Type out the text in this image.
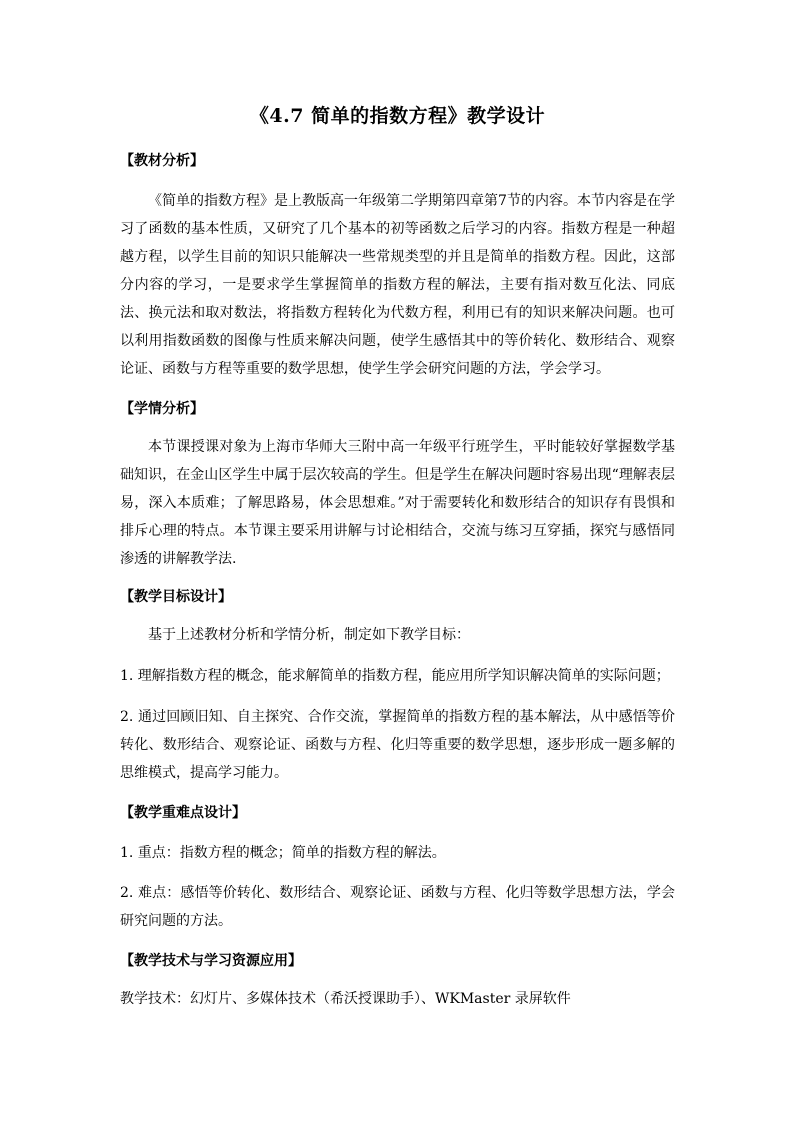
《4.7 简单的指数方程》教学设计
【教材分析】
《简单的指数方程》是上教版高一年级第二学期第四章第7节的内容。本节内容是在学习了函数的基本性质，又研究了几个基本的初等函数之后学习的内容。指数方程是一种超越方程，以学生目前的知识只能解决一些常规类型的并且是简单的指数方程。因此，这部分内容的学习，一是要求学生掌握简单的指数方程的解法，主要有指对数互化法、同底法、换元法和取对数法，将指数方程转化为代数方程，利用已有的知识来解决问题。也可以利用指数函数的图像与性质来解决问题，使学生感悟其中的等价转化、数形结合、观察论证、函数与方程等重要的数学思想，使学生学会研究问题的方法，学会学习。
【学情分析】
本节课授课对象为上海市华师大三附中高一年级平行班学生，平时能较好掌握数学基础知识，在金山区学生中属于层次较高的学生。但是学生在解决问题时容易出现“理解表层易，深入本质难；了解思路易，体会思想难。”对于需要转化和数形结合的知识存有畏惧和排斥心理的特点。本节课主要采用讲解与讨论相结合，交流与练习互穿插，探究与感悟同渗透的讲解教学法.
【教学目标设计】
基于上述教材分析和学情分析，制定如下教学目标：
1. 理解指数方程的概念，能求解简单的指数方程，能应用所学知识解决简单的实际问题；
2. 通过回顾旧知、自主探究、合作交流，掌握简单的指数方程的基本解法，从中感悟等价转化、数形结合、观察论证、函数与方程、化归等重要的数学思想，逐步形成一题多解的思维模式，提高学习能力。
【教学重难点设计】
1. 重点：指数方程的概念；简单的指数方程的解法。
2. 难点：感悟等价转化、数形结合、观察论证、函数与方程、化归等数学思想方法，学会研究问题的方法。
【教学技术与学习资源应用】
教学技术：幻灯片、多媒体技术（希沃授课助手）、WKMaster 录屏软件
